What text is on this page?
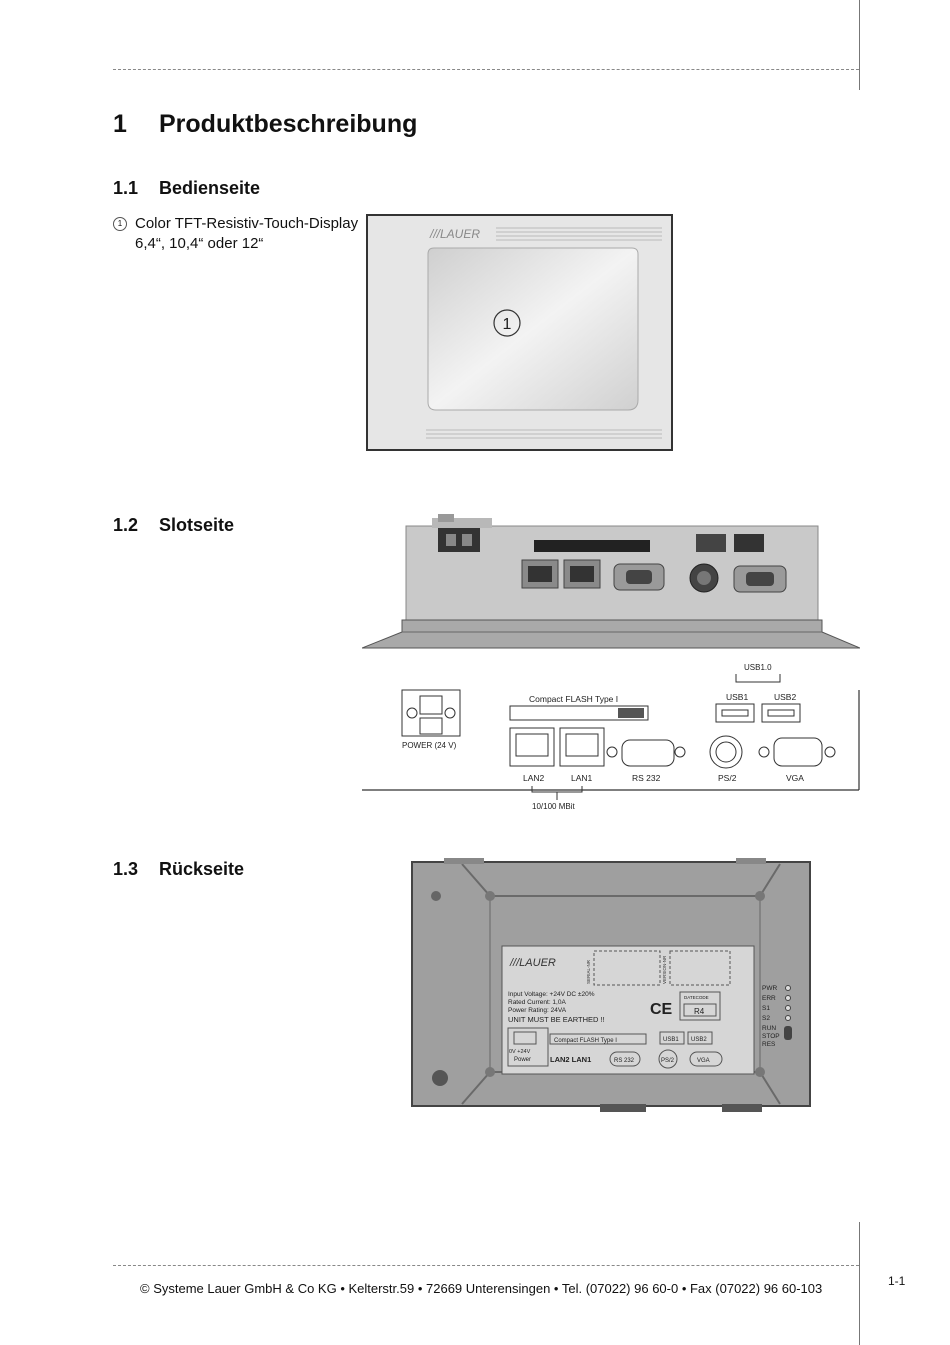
1 Produktbeschreibung
1.1 Bedienseite
1.2 Slotseite
1.3 Rückseite
1 Color TFT-Resistiv-Touch-Display
6,4“, 10,4“ oder 12“
///LAUER
1
POWER (24 V)
Compact FLASH Type I
LAN2	LAN1
10/100 MBit
RS 232
USB1.0
USB1	USB2
PS/2	VGA
///LAUER	SERIAL-NR	VERSION-NR
Input Voltage: +24V DC ±20%
Rated Current: 1,0A
Power Rating: 24VA
UNIT MUST BE EARTHED !!
CE
DATECODE
R4
0V +24V
Power
Compact FLASH Type I
LAN2 LAN1
USB1 USB2
RS 232	PS/2	VGA
PWR
ERR
S1
S2
RUN
STOP
RES
© Systeme Lauer GmbH & Co KG • Kelterstr.59 • 72669 Unterensingen • Tel. (07022) 96 60-0 • Fax (07022) 96 60-103	1-1
